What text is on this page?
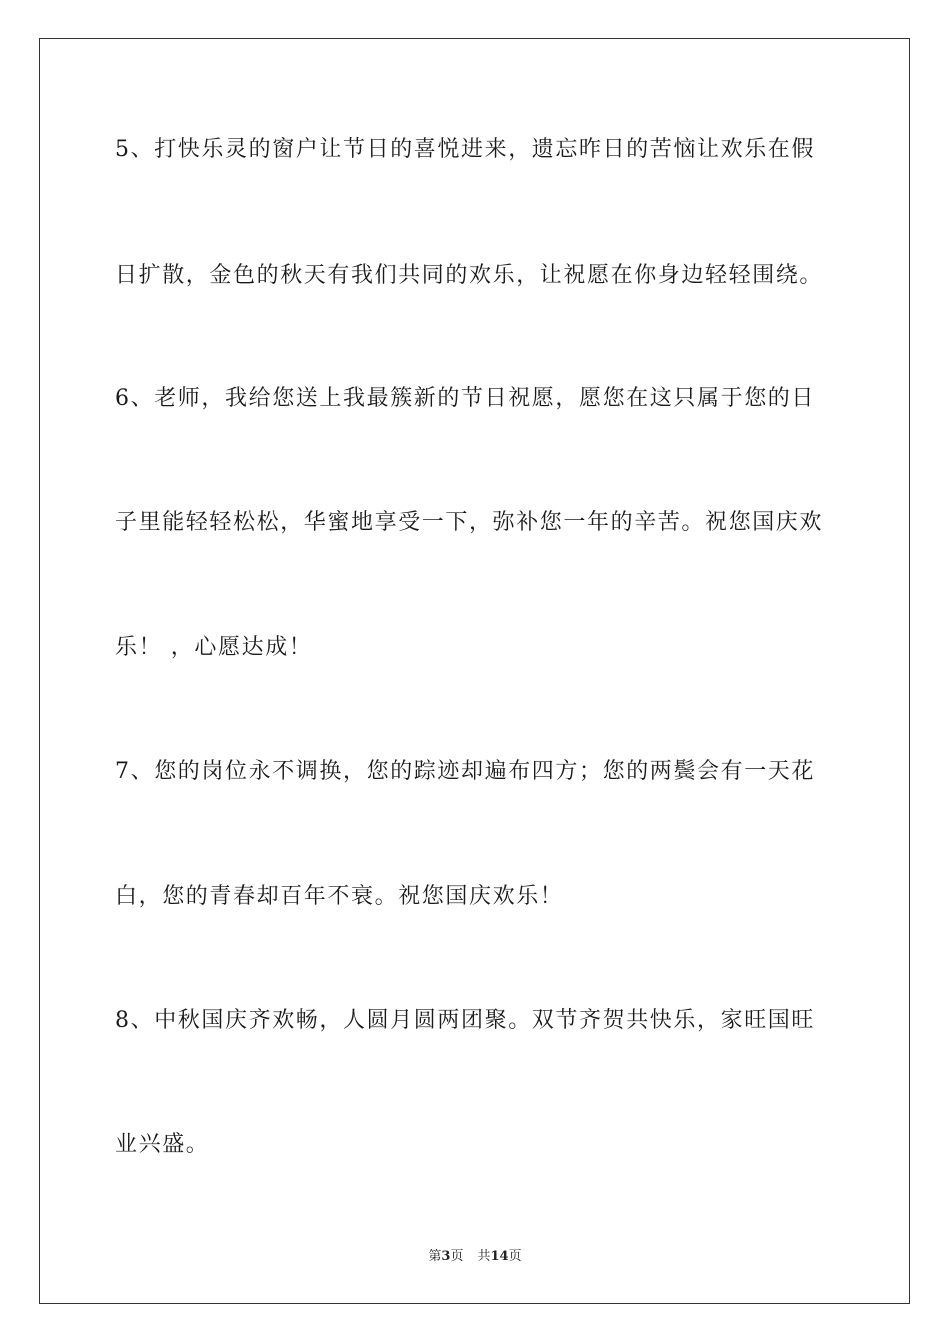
5、打快乐灵的窗户让节日的喜悦进来，遗忘昨日的苦恼让欢乐在假
日扩散，金色的秋天有我们共同的欢乐，让祝愿在你身边轻轻围绕。
6、老师，我给您送上我最簇新的节日祝愿，愿您在这只属于您的日
子里能轻轻松松，华蜜地享受一下，弥补您一年的辛苦。祝您国庆欢
乐！ ，心愿达成！
7、您的岗位永不调换，您的踪迹却遍布四方；您的两鬓会有一天花
白，您的青春却百年不衰。祝您国庆欢乐！
8、中秋国庆齐欢畅，人圆月圆两团聚。双节齐贺共快乐，家旺国旺
业兴盛。
第3页 共14页
